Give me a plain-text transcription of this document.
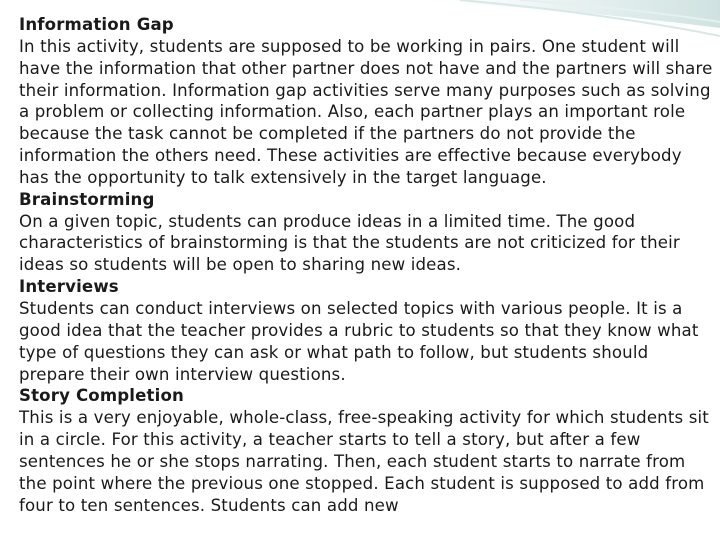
Information Gap
In this activity, students are supposed to be working in pairs. One student will have the information that other partner does not have and the partners will share their information. Information gap activities serve many purposes such as solving a problem or collecting information. Also, each partner plays an important role because the task cannot be completed if the partners do not provide the information the others need. These activities are effective because everybody has the opportunity to talk extensively in the target language.
Brainstorming
On a given topic, students can produce ideas in a limited time. The good characteristics of brainstorming is that the students are not criticized for their ideas so students will be open to sharing new ideas.
Interviews
Students can conduct interviews on selected topics with various people. It is a good idea that the teacher provides a rubric to students so that they know what type of questions they can ask or what path to follow, but students should prepare their own interview questions.
Story Completion
This is a very enjoyable, whole-class, free-speaking activity for which students sit in a circle. For this activity, a teacher starts to tell a story, but after a few sentences he or she stops narrating. Then, each student starts to narrate from the point where the previous one stopped. Each student is supposed to add from four to ten sentences. Students can add new
